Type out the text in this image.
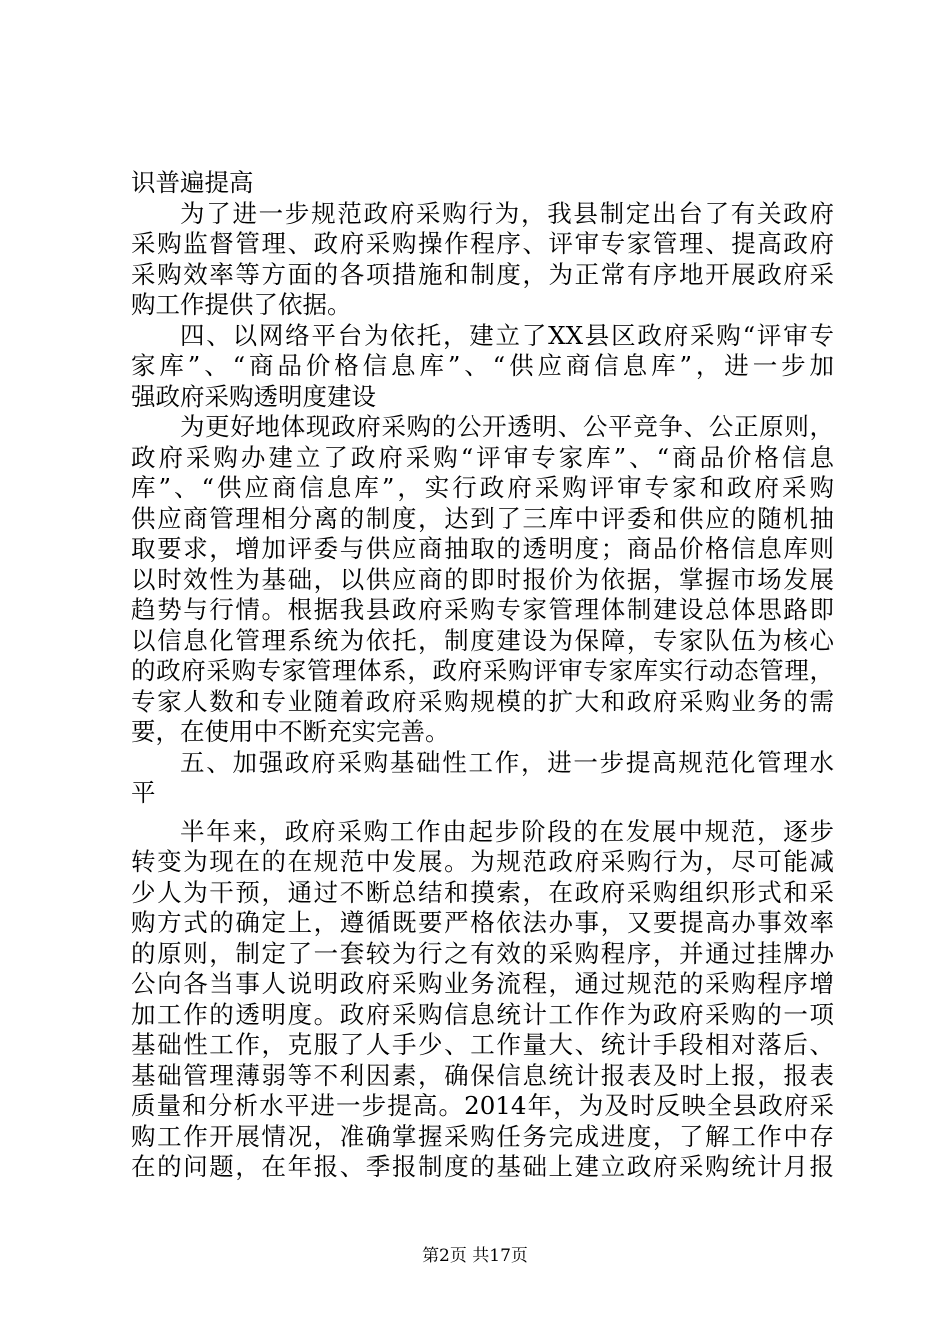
识普遍提高
为了进一步规范政府采购行为，我县制定出台了有关政府
采购监督管理、政府采购操作程序、评审专家管理、提高政府
采购效率等方面的各项措施和制度，为正常有序地开展政府采
购工作提供了依据。
四、以网络平台为依托，建立了XX县区政府采购“评审专
家库”、“商品价格信息库”、“供应商信息库”，进一步加
强政府采购透明度建设
为更好地体现政府采购的公开透明、公平竞争、公正原则，
政府采购办建立了政府采购“评审专家库”、“商品价格信息
库”、“供应商信息库”，实行政府采购评审专家和政府采购
供应商管理相分离的制度，达到了三库中评委和供应的随机抽
取要求，增加评委与供应商抽取的透明度；商品价格信息库则
以时效性为基础，以供应商的即时报价为依据，掌握市场发展
趋势与行情。根据我县政府采购专家管理体制建设总体思路即
以信息化管理系统为依托，制度建设为保障，专家队伍为核心
的政府采购专家管理体系，政府采购评审专家库实行动态管理，
专家人数和专业随着政府采购规模的扩大和政府采购业务的需
要，在使用中不断充实完善。
五、加强政府采购基础性工作，进一步提高规范化管理水
平
半年来，政府采购工作由起步阶段的在发展中规范，逐步
转变为现在的在规范中发展。为规范政府采购行为，尽可能减
少人为干预，通过不断总结和摸索，在政府采购组织形式和采
购方式的确定上，遵循既要严格依法办事，又要提高办事效率
的原则，制定了一套较为行之有效的采购程序，并通过挂牌办
公向各当事人说明政府采购业务流程，通过规范的采购程序增
加工作的透明度。政府采购信息统计工作作为政府采购的一项
基础性工作，克服了人手少、工作量大、统计手段相对落后、
基础管理薄弱等不利因素，确保信息统计报表及时上报，报表
质量和分析水平进一步提高。2014年，为及时反映全县政府采
购工作开展情况，准确掌握采购任务完成进度，了解工作中存
在的问题，在年报、季报制度的基础上建立政府采购统计月报
第2页 共17页
